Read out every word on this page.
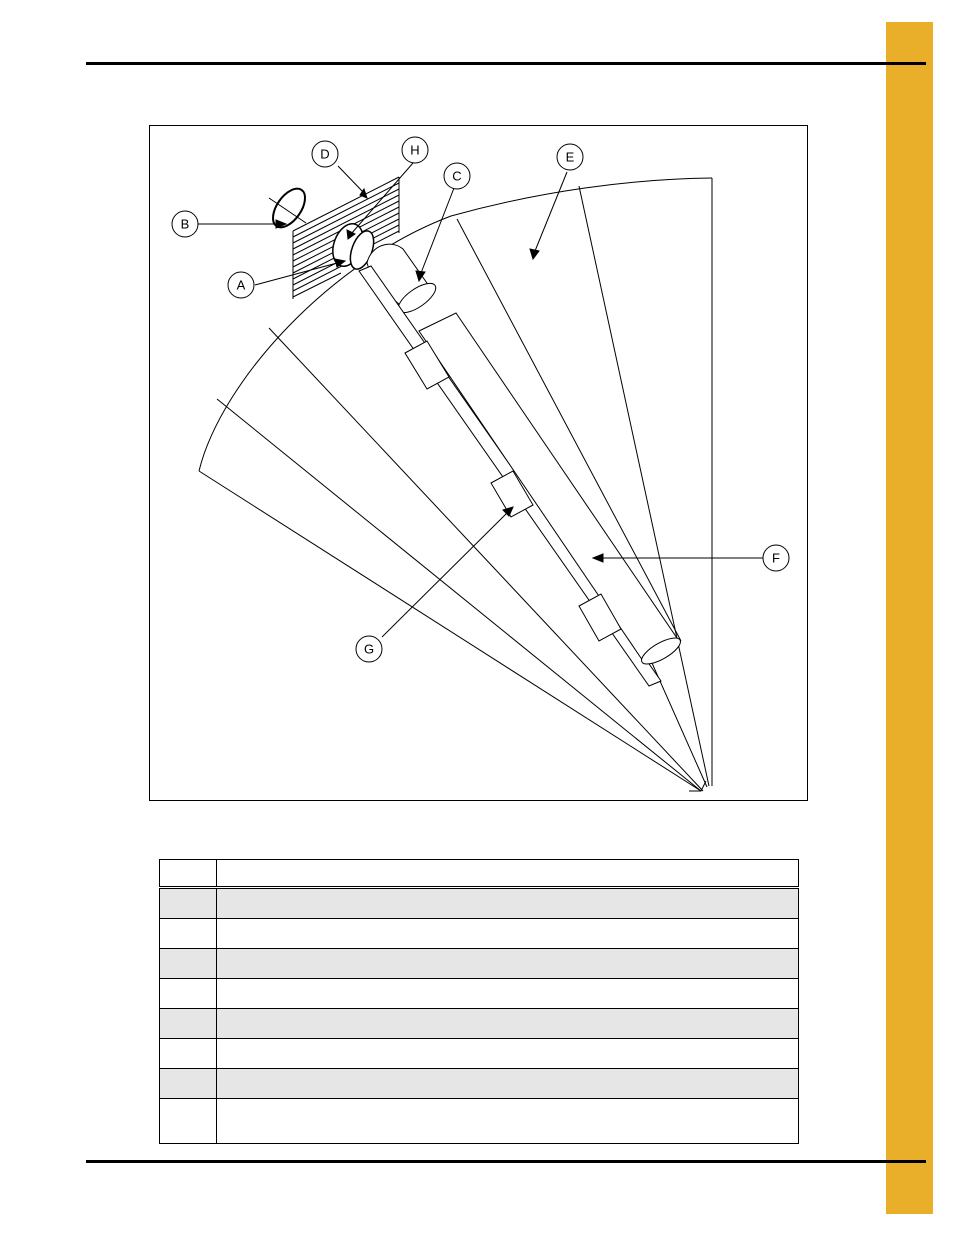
A
B
C
D	E
F
G
H
